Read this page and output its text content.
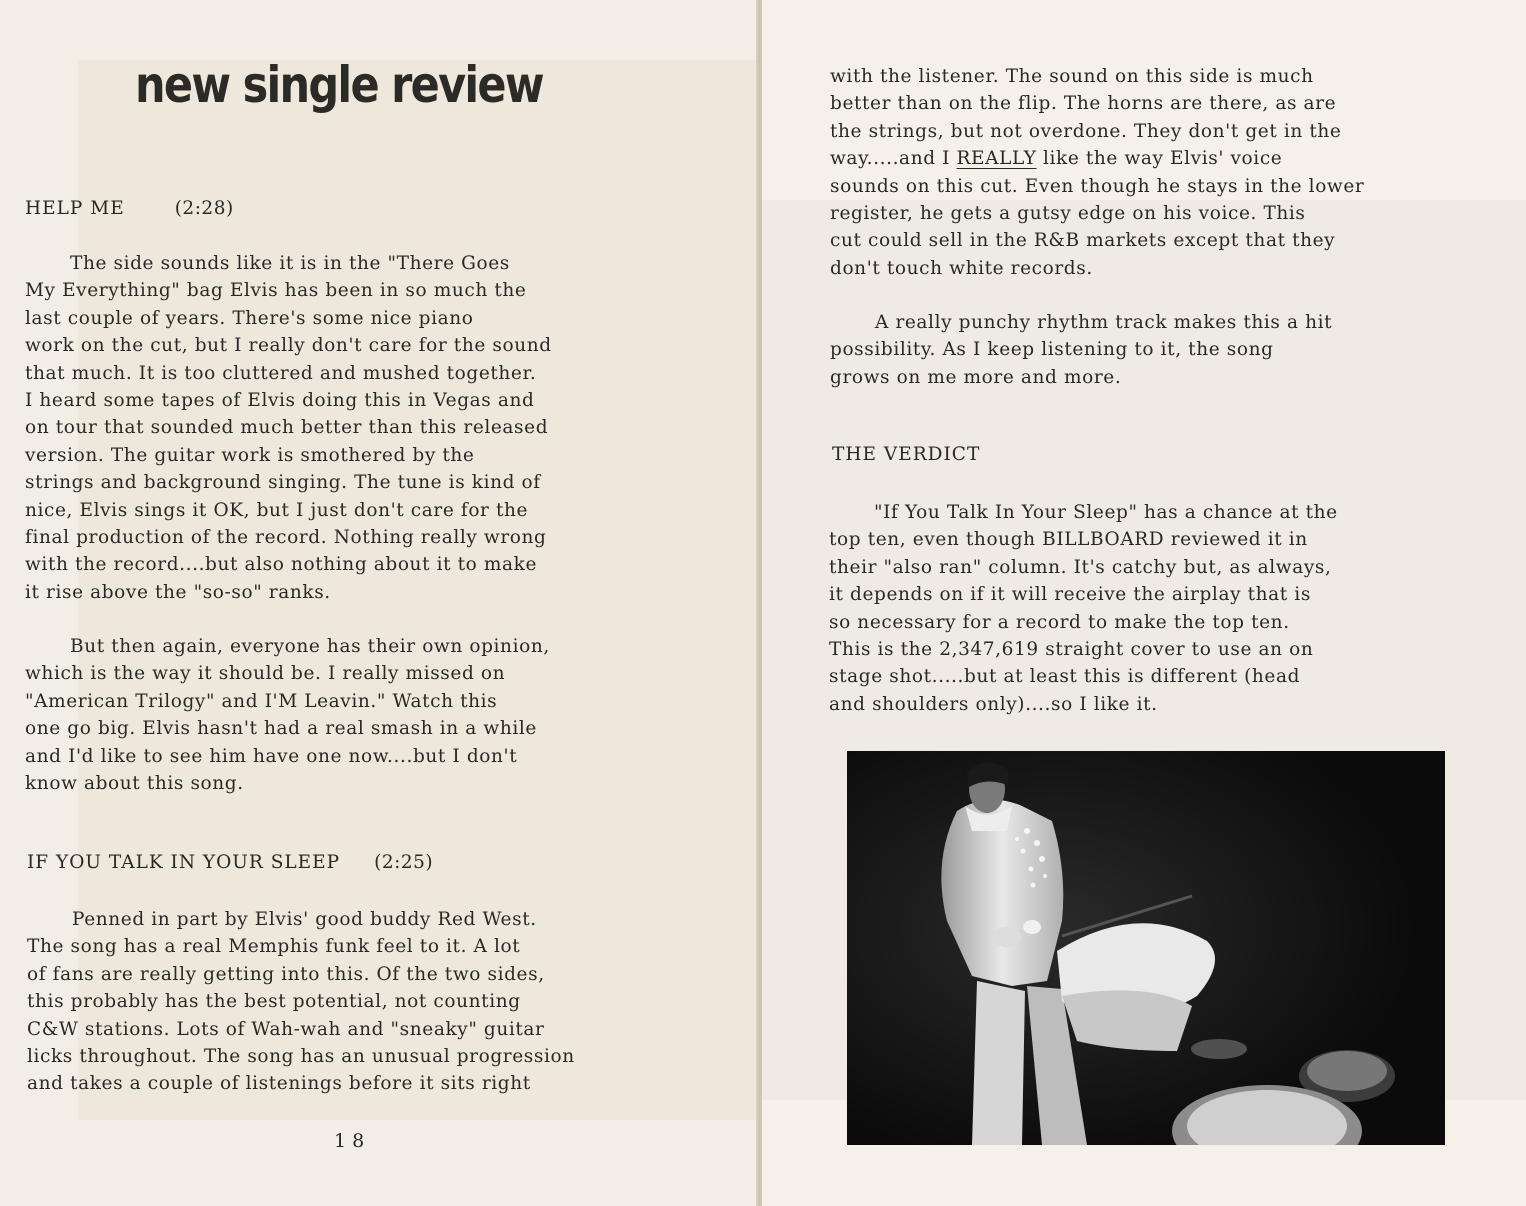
new single review
HELP ME	(2:28)
The side sounds like it is in the "There Goes
My Everything" bag Elvis has been in so much the
last couple of years. There's some nice piano
work on the cut, but I really don't care for the sound
that much. It is too cluttered and mushed together.
I heard some tapes of Elvis doing this in Vegas and
on tour that sounded much better than this released
version. The guitar work is smothered by the
strings and background singing. The tune is kind of
nice, Elvis sings it OK, but I just don't care for the
final production of the record. Nothing really wrong
with the record....but also nothing about it to make
it rise above the "so-so" ranks.
But then again, everyone has their own opinion,
which is the way it should be. I really missed on
"American Trilogy" and I'M Leavin." Watch this
one go big. Elvis hasn't had a real smash in a while
and I'd like to see him have one now....but I don't
know about this song.
IF YOU TALK IN YOUR SLEEP (2:25)
Penned in part by Elvis' good buddy Red West.
The song has a real Memphis funk feel to it. A lot
of fans are really getting into this. Of the two sides,
this probably has the best potential, not counting
C&W stations. Lots of Wah-wah and "sneaky" guitar
licks throughout. The song has an unusual progression
and takes a couple of listenings before it sits right
18
with the listener. The sound on this side is much
better than on the flip. The horns are there, as are
the strings, but not overdone. They don't get in the
way.....and I REALLY like the way Elvis' voice
sounds on this cut. Even though he stays in the lower
register, he gets a gutsy edge on his voice. This
cut could sell in the R&B markets except that they
don't touch white records.
A really punchy rhythm track makes this a hit
possibility. As I keep listening to it, the song
grows on me more and more.
THE VERDICT
"If You Talk In Your Sleep" has a chance at the
top ten, even though BILLBOARD reviewed it in
their "also ran" column. It's catchy but, as always,
it depends on if it will receive the airplay that is
so necessary for a record to make the top ten.
This is the 2,347,619 straight cover to use an on
stage shot.....but at least this is different (head
and shoulders only)....so I like it.
